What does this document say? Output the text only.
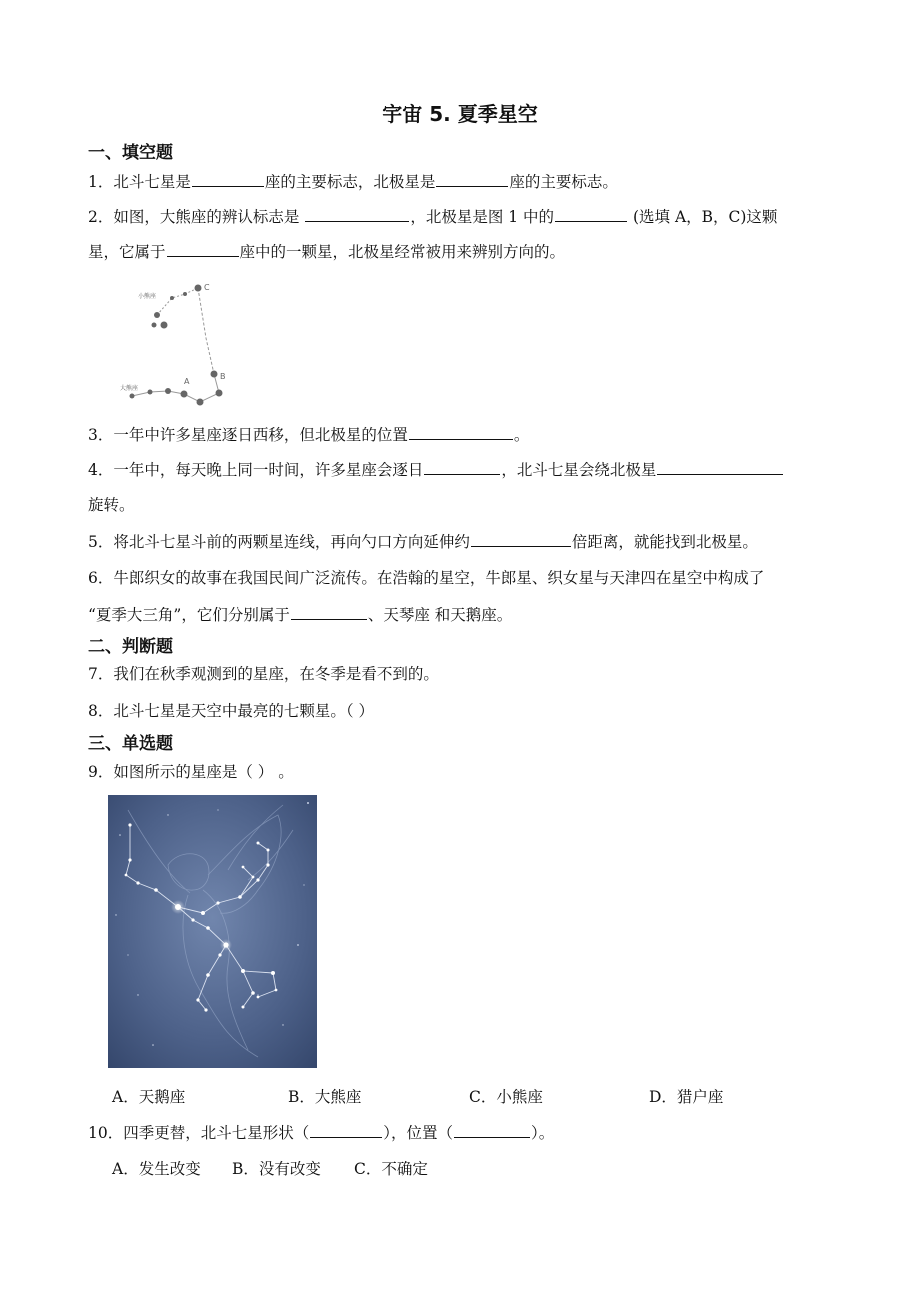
宇宙 5. 夏季星空
一、填空题
1．北斗七星是	座的主要标志，北极星是	座的主要标志。
2．如图，大熊座的辨认标志是	，北极星是图 1 中的	(选填 A，B，C)这颗
星，它属于	座中的一颗星，北极星经常被用来辨别方向的。
小熊座
大熊座
C
B
A
3．一年中许多星座逐日西移，但北极星的位置	。
4．一年中，每天晚上同一时间，许多星座会逐日	，北斗七星会绕北极星
旋转。
5．将北斗七星斗前的两颗星连线，再向勺口方向延伸约	倍距离，就能找到北极星。
6．牛郎织女的故事在我国民间广泛流传。在浩翰的星空，牛郎星、织女星与天津四在星空中构成了
“夏季大三角”，它们分别属于	、天琴座 和天鹅座。
二、判断题
7．我们在秋季观测到的星座，在冬季是看不到的。
8．北斗七星是天空中最亮的七颗星。（ ）
三、单选题
9．如图所示的星座是（ ） 。
A．天鹅座	B．大熊座	C．小熊座	D．猎户座
10．四季更替，北斗七星形状（	），位置（	）。
A．发生改变 B．没有改变 C．不确定
